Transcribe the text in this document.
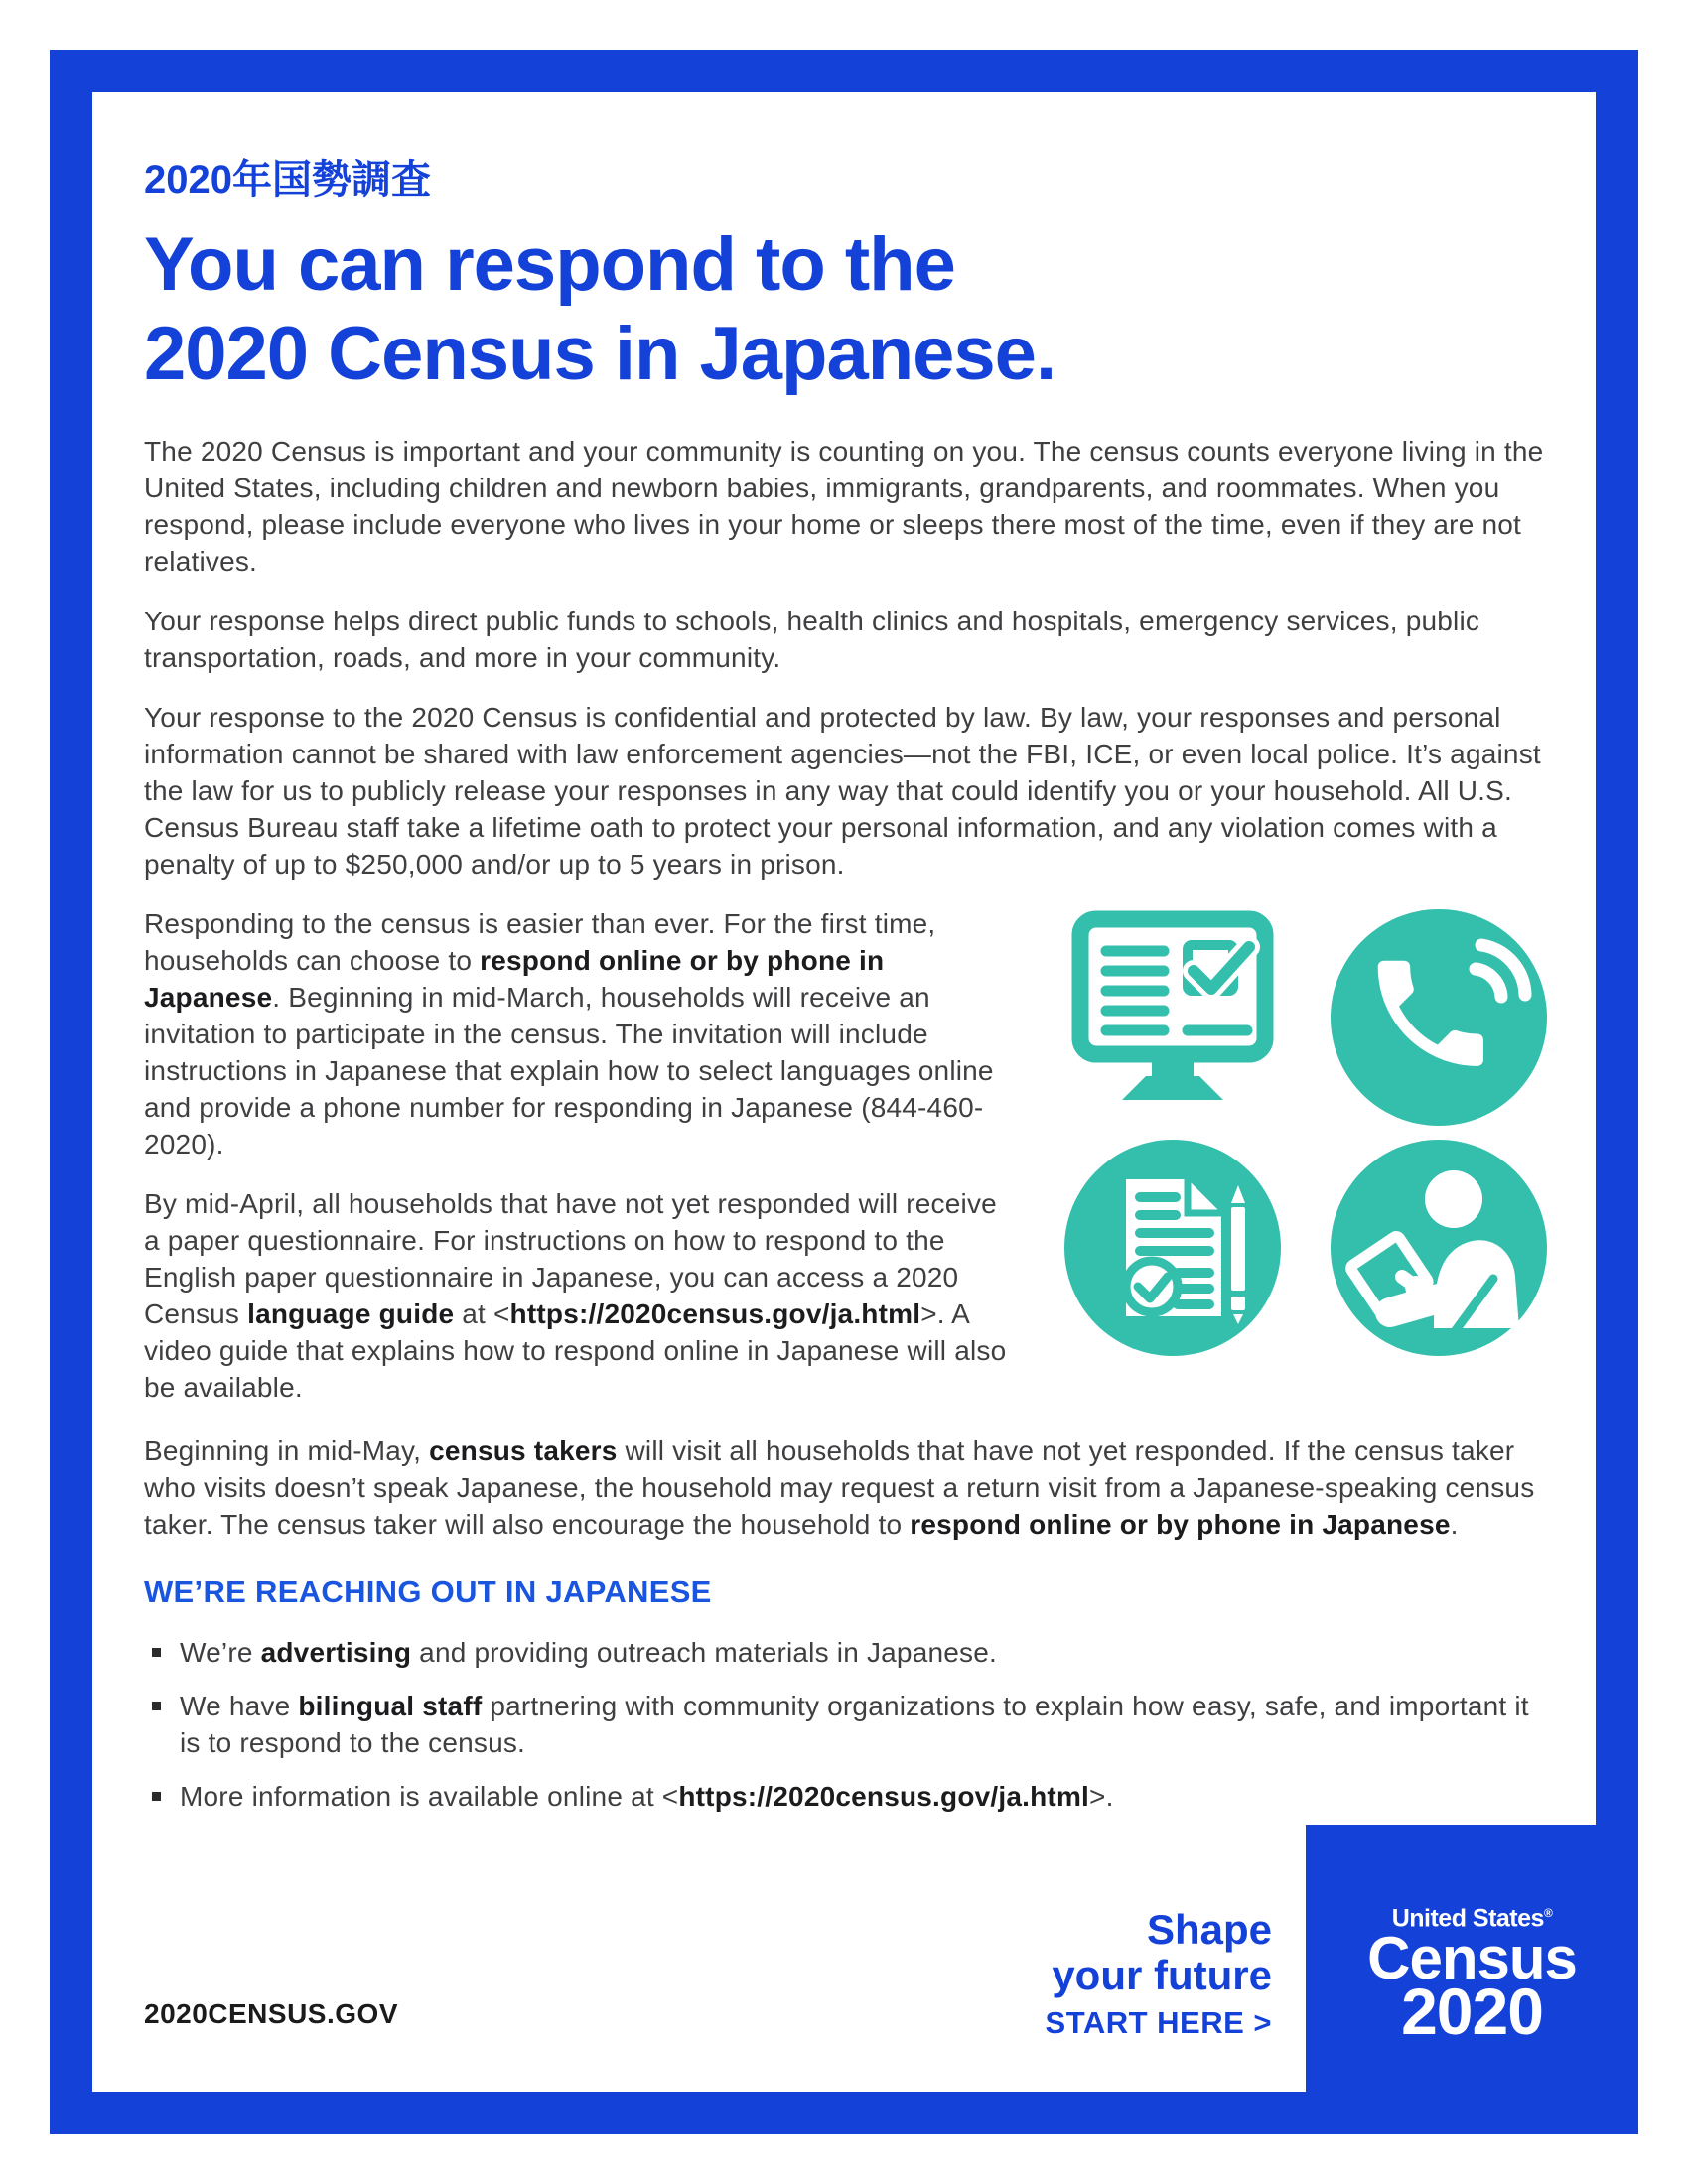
2020年国勢調査
You can respond to the
2020 Census in Japanese.

The 2020 Census is important and your community is counting on you. The census counts everyone living in the United States, including children and newborn babies, immigrants, grandparents, and roommates. When you respond, please include everyone who lives in your home or sleeps there most of the time, even if they are not relatives.

Your response helps direct public funds to schools, health clinics and hospitals, emergency services, public transportation, roads, and more in your community.

Your response to the 2020 Census is confidential and protected by law. By law, your responses and personal information cannot be shared with law enforcement agencies—not the FBI, ICE, or even local police. It’s against the law for us to publicly release your responses in any way that could identify you or your household. All U.S. Census Bureau staff take a lifetime oath to protect your personal information, and any violation comes with a penalty of up to $250,000 and/or up to 5 years in prison.

Responding to the census is easier than ever. For the first time, households can choose to respond online or by phone in Japanese. Beginning in mid-March, households will receive an invitation to participate in the census. The invitation will include instructions in Japanese that explain how to select languages online and provide a phone number for responding in Japanese (844-460-2020).

By mid-April, all households that have not yet responded will receive a paper questionnaire. For instructions on how to respond to the English paper questionnaire in Japanese, you can access a 2020 Census language guide at <https://2020census.gov/ja.html>. A video guide that explains how to respond online in Japanese will also be available.

Beginning in mid-May, census takers will visit all households that have not yet responded. If the census taker who visits doesn’t speak Japanese, the household may request a return visit from a Japanese-speaking census taker. The census taker will also encourage the household to respond online or by phone in Japanese.

WE’RE REACHING OUT IN JAPANESE
We’re advertising and providing outreach materials in Japanese.
We have bilingual staff partnering with community organizations to explain how easy, safe, and important it is to respond to the census.
More information is available online at <https://2020census.gov/ja.html>.
2020CENSUS.GOV
Shape
your future
START HERE >
United States®
Census
2020
